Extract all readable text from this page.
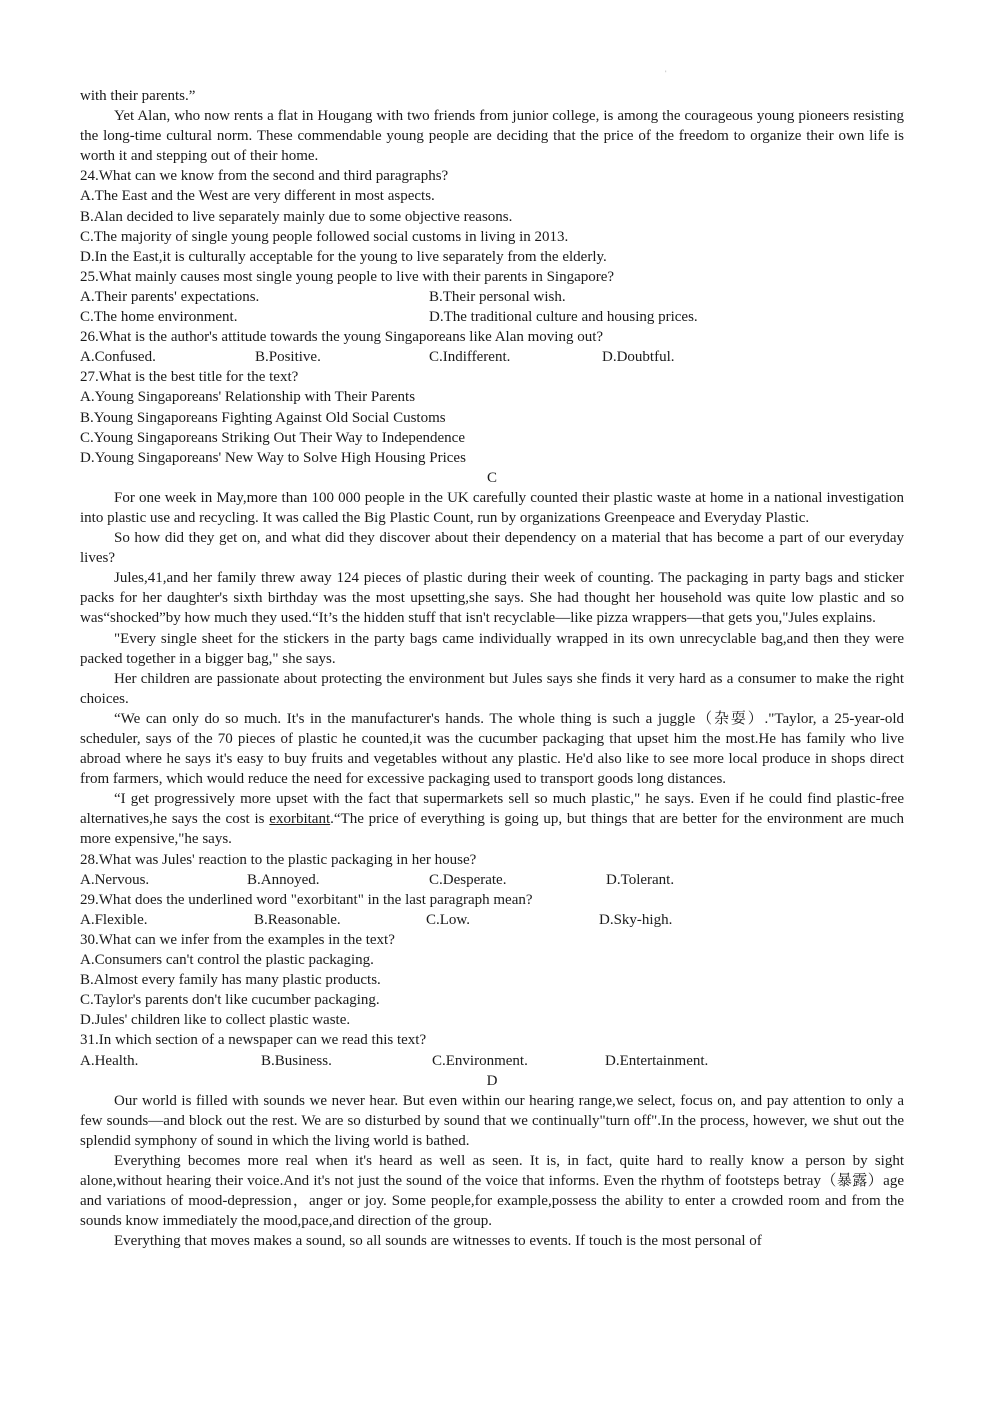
'

with their parents.”

Yet Alan, who now rents a flat in Hougang with two friends from junior college, is among the courageous young pioneers resisting the long-time cultural norm. These commendable young people are deciding that the price of the freedom to organize their own life is worth it and stepping out of their home.

24.What can we know from the second and third paragraphs?

A.The East and the West are very different in most aspects.

B.Alan decided to live separately mainly due to some objective reasons.

C.The majority of single young people followed social customs in living in 2013.

D.In the East,it is culturally acceptable for the young to live separately from the elderly.

25.What mainly causes most single young people to live with their parents in Singapore?

A.Their parents' expectations.	B.Their personal wish.
C.The home environment.	D.The traditional culture and housing prices.

26.What is the author's attitude towards the young Singaporeans like Alan moving out?

A.Confused.	B.Positive.	C.Indifferent.	D.Doubtful.

27.What is the best title for the text?

A.Young Singaporeans' Relationship with Their Parents

B.Young Singaporeans Fighting Against Old Social Customs

C.Young Singaporeans Striking Out Their Way to Independence

D.Young Singaporeans' New Way to Solve High Housing Prices

C

For one week in May,more than 100 000 people in the UK carefully counted their plastic waste at home in a national investigation into plastic use and recycling. It was called the Big Plastic Count, run by organizations Greenpeace and Everyday Plastic.

So how did they get on, and what did they discover about their dependency on a material that has become a part of our everyday lives?

Jules,41,and her family threw away 124 pieces of plastic during their week of counting. The packaging in party bags and sticker packs for her daughter's sixth birthday was the most upsetting,she says. She had thought her household was quite low plastic and so was“shocked”by how much they used.“It’s the hidden stuff that isn't recyclable—like pizza wrappers—that gets you,"Jules explains.

"Every single sheet for the stickers in the party bags came individually wrapped in its own unrecyclable bag,and then they were packed together in a bigger bag," she says.

Her children are passionate about protecting the environment but Jules says she finds it very hard as a consumer to make the right choices.

“We can only do so much. It's in the manufacturer's hands. The whole thing is such a juggle（杂耍）."Taylor, a 25-year-old scheduler, says of the 70 pieces of plastic he counted,it was the cucumber packaging that upset him the most.He has family who live abroad where he says it's easy to buy fruits and vegetables without any plastic. He'd also like to see more local produce in shops direct from farmers, which would reduce the need for excessive packaging used to transport goods long distances.

“I get progressively more upset with the fact that supermarkets sell so much plastic," he says. Even if he could find plastic-free alternatives,he says the cost is exorbitant.“The price of everything is going up, but things that are better for the environment are much more expensive,"he says.

28.What was Jules' reaction to the plastic packaging in her house?

A.Nervous.	B.Annoyed.	C.Desperate.	D.Tolerant.

29.What does the underlined word "exorbitant" in the last paragraph mean?

A.Flexible.	B.Reasonable.	C.Low.	D.Sky-high.

30.What can we infer from the examples in the text?

A.Consumers can't control the plastic packaging.

B.Almost every family has many plastic products.

C.Taylor's parents don't like cucumber packaging.

D.Jules' children like to collect plastic waste.

31.In which section of a newspaper can we read this text?

A.Health.	B.Business.	C.Environment.	D.Entertainment.

D

Our world is filled with sounds we never hear. But even within our hearing range,we select, focus on, and pay attention to only a few sounds—and block out the rest. We are so disturbed by sound that we continually"turn off".In the process, however, we shut out the splendid symphony of sound in which the living world is bathed.

Everything becomes more real when it's heard as well as seen. It is, in fact, quite hard to really know a person by sight alone,without hearing their voice.And it's not just the sound of the voice that informs. Even the rhythm of footsteps betray（暴露）age and variations of mood-depression，anger or joy. Some people,for example,possess the ability to enter a crowded room and from the sounds know immediately the mood,pace,and direction of the group.

Everything that moves makes a sound, so all sounds are witnesses to events. If touch is the most personal of
